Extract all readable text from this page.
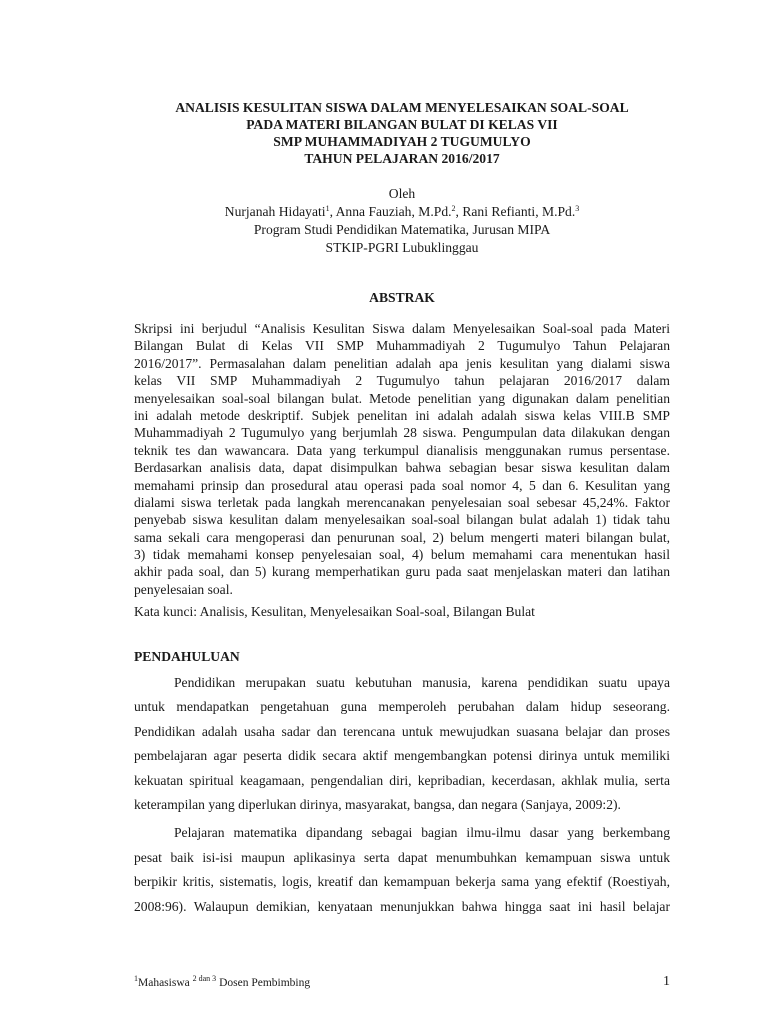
ANALISIS KESULITAN SISWA DALAM MENYELESAIKAN SOAL-SOAL
PADA MATERI BILANGAN BULAT DI KELAS VII
SMP MUHAMMADIYAH 2 TUGUMULYO
TAHUN PELAJARAN 2016/2017
Oleh
Nurjanah Hidayati$^1$, Anna Fauziah, M.Pd.$^2$, Rani Refianti, M.Pd.$^3$
Program Studi Pendidikan Matematika, Jurusan MIPA
STKIP-PGRI Lubuklinggau
ABSTRAK
Skripsi ini berjudul “Analisis Kesulitan Siswa dalam Menyelesaikan Soal-soal pada Materi
Bilangan Bulat di Kelas VII SMP Muhammadiyah 2 Tugumulyo Tahun Pelajaran
2016/2017”. Permasalahan dalam penelitian adalah apa jenis kesulitan yang dialami siswa
kelas VII SMP Muhammadiyah 2 Tugumulyo tahun pelajaran 2016/2017 dalam
menyelesaikan soal-soal bilangan bulat. Metode penelitian yang digunakan dalam penelitian
ini adalah metode deskriptif. Subjek penelitan ini adalah adalah siswa kelas VIII.B SMP
Muhammadiyah 2 Tugumulyo yang berjumlah 28 siswa. Pengumpulan data dilakukan dengan
teknik tes dan wawancara. Data yang terkumpul dianalisis menggunakan rumus persentase.
Berdasarkan analisis data, dapat disimpulkan bahwa sebagian besar siswa kesulitan dalam
memahami prinsip dan prosedural atau operasi pada soal nomor 4, 5 dan 6. Kesulitan yang
dialami siswa terletak pada langkah merencanakan penyelesaian soal sebesar 45,24%. Faktor
penyebab siswa kesulitan dalam menyelesaikan soal-soal bilangan bulat adalah 1) tidak tahu
sama sekali cara mengoperasi dan penurunan soal, 2) belum mengerti materi bilangan bulat,
3) tidak memahami konsep penyelesaian soal, 4) belum memahami cara menentukan hasil
akhir pada soal, dan 5) kurang memperhatikan guru pada saat menjelaskan materi dan latihan
penyelesaian soal.
Kata kunci: Analisis, Kesulitan, Menyelesaikan Soal-soal, Bilangan Bulat
PENDAHULUAN
Pendidikan merupakan suatu kebutuhan manusia, karena pendidikan suatu upaya
untuk mendapatkan pengetahuan guna memperoleh perubahan dalam hidup seseorang.
Pendidikan adalah usaha sadar dan terencana untuk mewujudkan suasana belajar dan proses
pembelajaran agar peserta didik secara aktif mengembangkan potensi dirinya untuk memiliki
kekuatan spiritual keagamaan, pengendalian diri, kepribadian, kecerdasan, akhlak mulia, serta
keterampilan yang diperlukan dirinya, masyarakat, bangsa, dan negara (Sanjaya, 2009:2).
Pelajaran matematika dipandang sebagai bagian ilmu-ilmu dasar yang berkembang
pesat baik isi-isi maupun aplikasinya serta dapat menumbuhkan kemampuan siswa untuk
berpikir kritis, sistematis, logis, kreatif dan kemampuan bekerja sama yang efektif (Roestiyah,
2008:96). Walaupun demikian, kenyataan menunjukkan bahwa hingga saat ini hasil belajar
$^1$Mahasiswa $^{2 dan 3}$ Dosen Pembimbing	1
